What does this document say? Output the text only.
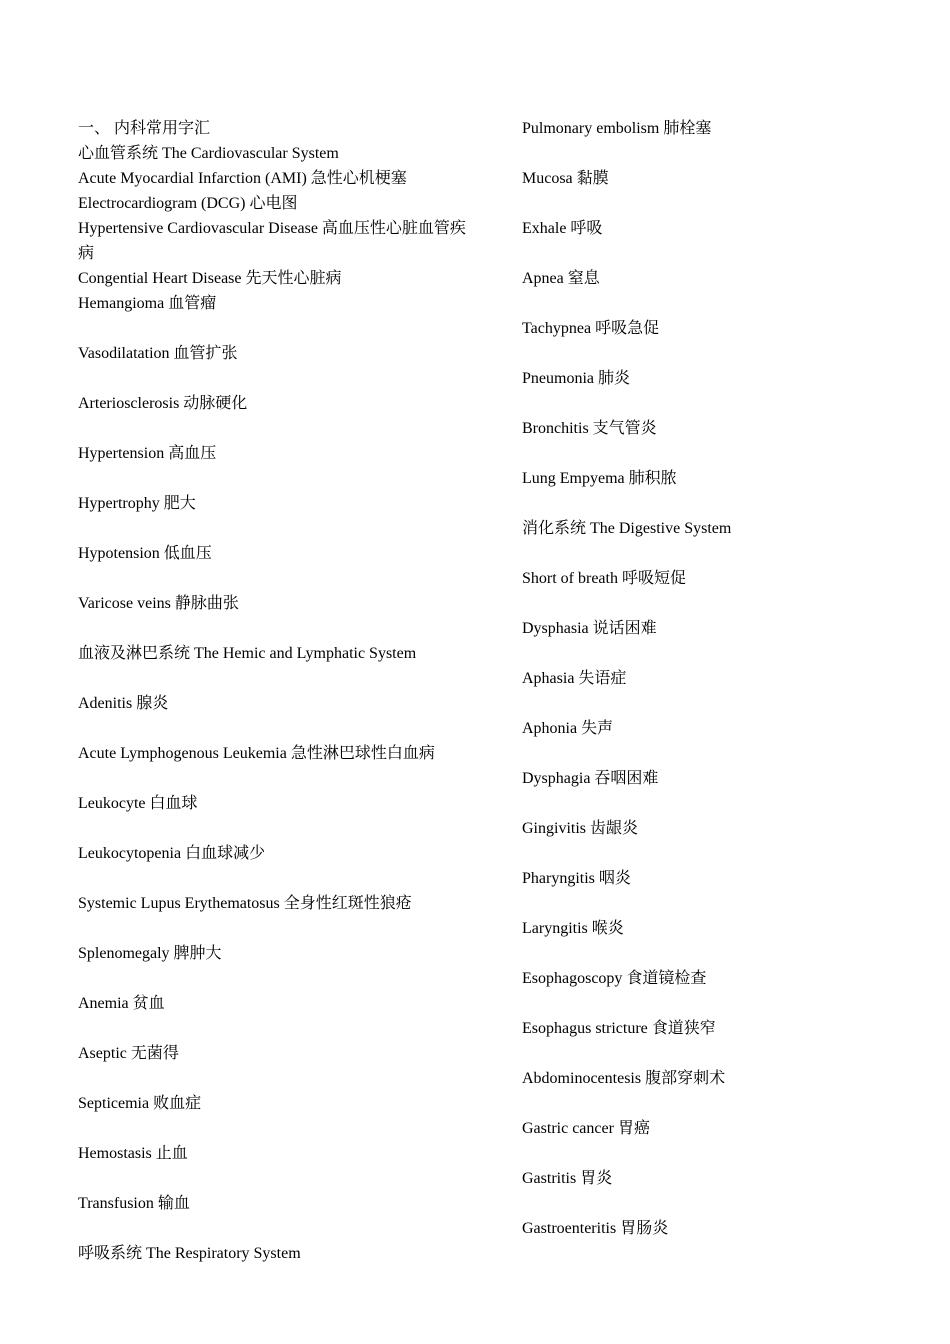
一、 内科常用字汇
心血管系统 The Cardiovascular System
Acute Myocardial Infarction (AMI) 急性心机梗塞
Electrocardiogram (DCG) 心电图
Hypertensive Cardiovascular Disease 高血压性心脏血管疾病
Congential Heart Disease 先天性心脏病
Hemangioma 血管瘤
Vasodilatation 血管扩张
Arteriosclerosis 动脉硬化
Hypertension 高血压
Hypertrophy 肥大
Hypotension 低血压
Varicose veins 静脉曲张
血液及淋巴系统 The Hemic and Lymphatic System
Adenitis 腺炎
Acute Lymphogenous Leukemia 急性淋巴球性白血病
Leukocyte 白血球
Leukocytopenia 白血球减少
Systemic Lupus Erythematosus 全身性红斑性狼疮
Splenomegaly 脾肿大
Anemia 贫血
Aseptic 无菌得
Septicemia 败血症
Hemostasis 止血
Transfusion 输血
呼吸系统 The Respiratory System
Pulmonary embolism 肺栓塞
Mucosa 黏膜
Exhale 呼吸
Apnea 窒息
Tachypnea 呼吸急促
Pneumonia 肺炎
Bronchitis 支气管炎
Lung Empyema 肺积脓
消化系统 The Digestive System
Short of breath 呼吸短促
Dysphasia 说话困难
Aphasia 失语症
Aphonia 失声
Dysphagia 吞咽困难
Gingivitis 齿龈炎
Pharyngitis 咽炎
Laryngitis 喉炎
Esophagoscopy 食道镜检查
Esophagus stricture 食道狭窄
Abdominocentesis 腹部穿刺术
Gastric cancer 胃癌
Gastritis 胃炎
Gastroenteritis 胃肠炎
